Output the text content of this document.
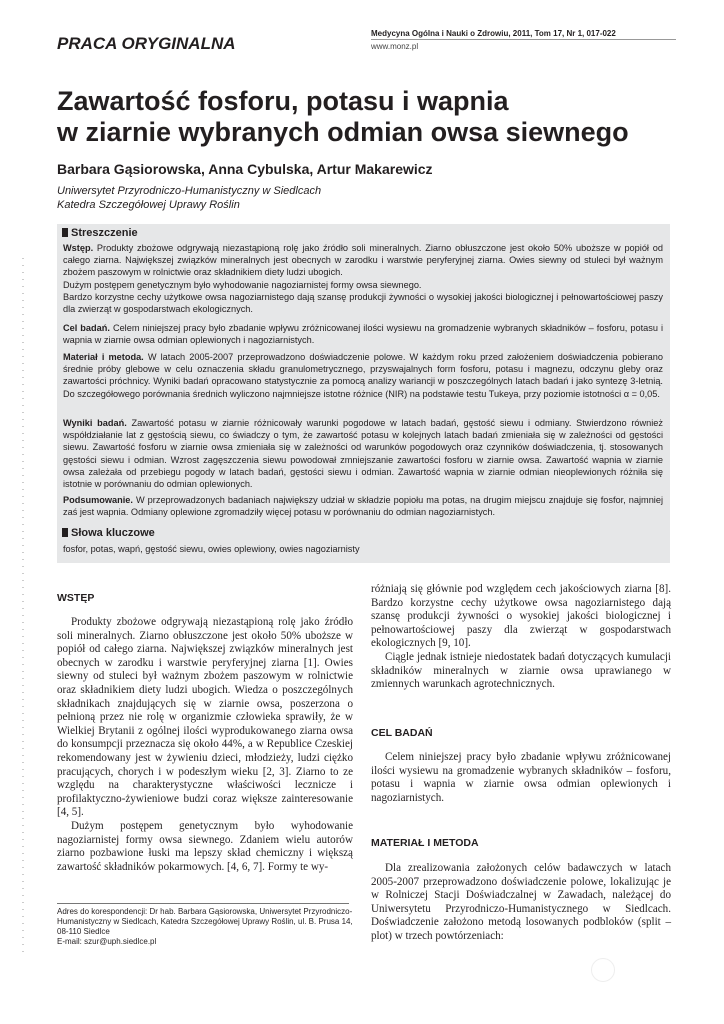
PRACA ORYGINALNA
Medycyna Ogólna i Nauki o Zdrowiu, 2011, Tom 17, Nr 1, 017-022
www.monz.pl
Zawartość fosforu, potasu i wapnia
w ziarnie wybranych odmian owsa siewnego
Barbara Gąsiorowska, Anna Cybulska, Artur Makarewicz
Uniwersytet Przyrodniczo-Humanistyczny w Siedlcach
Katedra Szczegółowej Uprawy Roślin
Streszczenie

Wstęp. Produkty zbożowe odgrywają niezastąpioną rolę jako źródło soli mineralnych. Ziarno obłuszczone jest około 50% uboższe w popiół od całego ziarna. Największej związków mineralnych jest obecnych w zarodku i warstwie peryferyjnej ziarna. Owies siewny od stuleci był ważnym zbożem paszowym w rolnictwie oraz składnikiem diety ludzi ubogich.
Dużym postępem genetycznym było wyhodowanie nagoziarnistej formy owsa siewnego.
Bardzo korzystne cechy użytkowe owsa nagoziarnistego dają szansę produkcji żywności o wysokiej jakości biologicznej i pełnowartościowej paszy dla zwierząt w gospodarstwach ekologicznych.

Cel badań. Celem niniejszej pracy było zbadanie wpływu zróżnicowanej ilości wysiewu na gromadzenie wybranych składników – fosforu, potasu i wapnia w ziarnie owsa odmian oplewionych i nagoziarnistych.

Materiał i metoda. W latach 2005-2007 przeprowadzono doświadczenie polowe. W każdym roku przed założeniem doświadczenia pobierano średnie próby glebowe w celu oznaczenia składu granulometrycznego, przyswajalnych form fosforu, potasu i magnezu, odczynu gleby oraz zawartości próchnicy. Wyniki badań opracowano statystycznie za pomocą analizy wariancji w poszczególnych latach badań i jako syntezę 3-letnią. Do szczegółowego porównania średnich wyliczono najmniejsze istotne różnice (NIR) na podstawie testu Tukeya, przy poziomie istotności α = 0,05.

Wyniki badań. Zawartość potasu w ziarnie różnicowały warunki pogodowe w latach badań, gęstość siewu i odmiany. Stwierdzono również współdziałanie lat z gęstością siewu, co świadczy o tym, że zawartość potasu w kolejnych latach badań zmieniała się w zależności od gęstości siewu. Zawartość fosforu w ziarnie owsa zmieniała się w zależności od warunków pogodowych oraz czynników doświadczenia, tj. stosowanych gęstości siewu i odmian. Wzrost zagęszczenia siewu powodował zmniejszanie zawartości fosforu w ziarnie owsa. Zawartość wapnia w ziarnie owsa zależała od przebiegu pogody w latach badań, gęstości siewu i odmian. Zawartość wapnia w ziarnie odmian nieoplewionych różniła się istotnie w porównaniu do odmian oplewionych.

Podsumowanie. W przeprowadzonych badaniach największy udział w składzie popiołu ma potas, na drugim miejscu znajduje się fosfor, najmniej zaś jest wapnia. Odmiany oplewione zgromadziły więcej potasu w porównaniu do odmian nagoziarnistych.

Słowa kluczowe

fosfor, potas, wapń, gęstość siewu, owies oplewiony, owies nagoziarnisty

WSTĘP

Produkty zbożowe odgrywają niezastąpioną rolę jako źródło soli mineralnych. Ziarno obłuszczone jest około 50% uboższe w popiół od całego ziarna. Największej związków mineralnych jest obecnych w zarodku i warstwie peryferyjnej ziarna [1]. Owies siewny od stuleci był ważnym zbożem paszowym w rolnictwie oraz składnikiem diety ludzi ubogich. Wiedza o poszczególnych składnikach znajdujących się w ziarnie owsa, poszerzona o pełnioną przez nie rolę w organizmie człowieka sprawiły, że w Wielkiej Brytanii z ogólnej ilości wyprodukowanego ziarna owsa do konsumpcji przeznacza się około 44%, a w Republice Czeskiej rekomendowany jest w żywieniu dzieci, młodzieży, ludzi ciężko pracujących, chorych i w podeszłym wieku [2, 3]. Ziarno to ze względu na charakterystyczne właściwości lecznicze i profilaktyczno-żywieniowe budzi coraz większe zainteresowanie [4, 5].

Dużym postępem genetycznym było wyhodowanie nagoziarnistej formy owsa siewnego. Zdaniem wielu autorów ziarno pozbawione łuski ma lepszy skład chemiczny i większą zawartość składników pokarmowych. [4, 6, 7]. Formy te wy-

Adres do korespondencji: Dr hab. Barbara Gąsiorowska, Uniwersytet Przyrodniczo-Humanistyczny w Siedlcach, Katedra Szczegółowej Uprawy Roślin, ul. B. Prusa 14, 08-110 Siedlce
E-mail: szur@uph.siedlce.pl

różniają się głównie pod względem cech jakościowych ziarna [8]. Bardzo korzystne cechy użytkowe owsa nagoziarnistego dają szansę produkcji żywności o wysokiej jakości biologicznej i pełnowartościowej paszy dla zwierząt w gospodarstwach ekologicznych [9, 10].

Ciągle jednak istnieje niedostatek badań dotyczących kumulacji składników mineralnych w ziarnie owsa uprawianego w zmiennych warunkach agrotechnicznych.

CEL BADAŃ

Celem niniejszej pracy było zbadanie wpływu zróżnicowanej ilości wysiewu na gromadzenie wybranych składników – fosforu, potasu i wapnia w ziarnie owsa odmian oplewionych i nagoziarnistych.

MATERIAŁ I METODA

Dla zrealizowania założonych celów badawczych w latach 2005-2007 przeprowadzono doświadczenie polowe, lokalizując je w Rolniczej Stacji Doświadczalnej w Zawadach, należącej do Uniwersytetu Przyrodniczo-Humanistycznego w Siedlcach. Doświadczenie założono metodą losowanych podbloków (split – plot) w trzech powtórzeniach:
